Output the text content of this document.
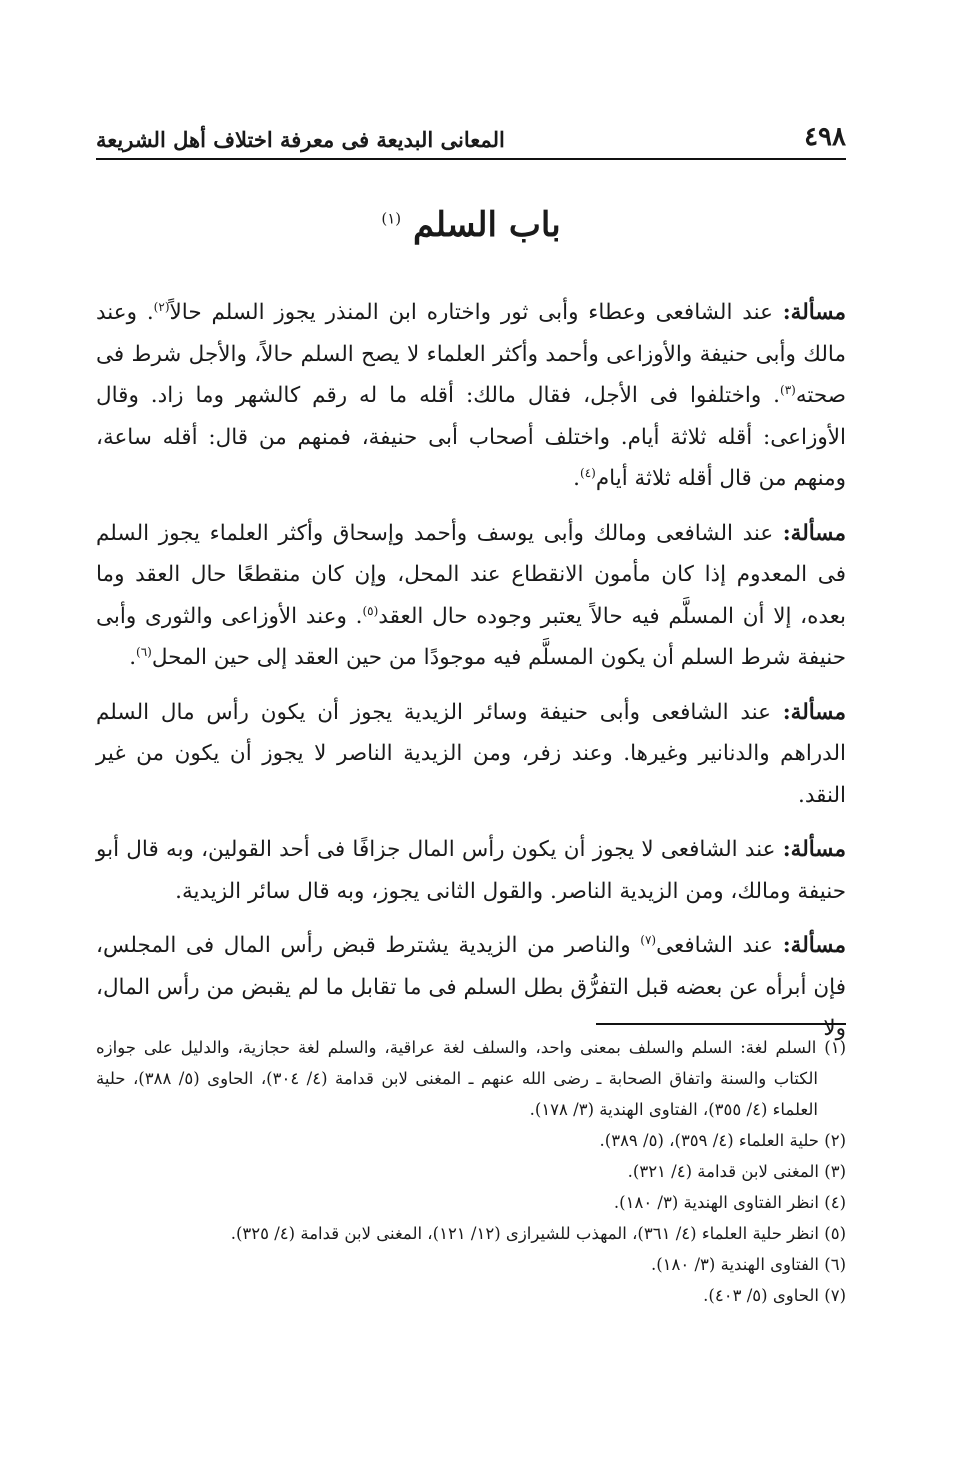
٤٩٨
المعانى البديعة فى معرفة اختلاف أهل الشريعة
باب السلم $^{(١)}$

مسألة: عند الشافعى وعطاء وأبى ثور واختاره ابن المنذر يجوز السلم حالاً$^{(٢)}$. وعند مالك وأبى حنيفة والأوزاعى وأحمد وأكثر العلماء لا يصح السلم حالاً، والأجل شرط فى صحته$^{(٣)}$. واختلفوا فى الأجل، فقال مالك: أقله ما له رقم كالشهر وما زاد. وقال الأوزاعى: أقله ثلاثة أيام. واختلف أصحاب أبى حنيفة، فمنهم من قال: أقله ساعة، ومنهم من قال أقله ثلاثة أيام$^{(٤)}$.

مسألة: عند الشافعى ومالك وأبى يوسف وأحمد وإسحاق وأكثر العلماء يجوز السلم فى المعدوم إذا كان مأمون الانقطاع عند المحل، وإن كان منقطعًا حال العقد وما بعده، إلا أن المسلَّم فيه حالاً يعتبر وجوده حال العقد$^{(٥)}$. وعند الأوزاعى والثورى وأبى حنيفة شرط السلم أن يكون المسلَّم فيه موجودًا من حين العقد إلى حين المحل$^{(٦)}$.

مسألة: عند الشافعى وأبى حنيفة وسائر الزيدية يجوز أن يكون رأس مال السلم الدراهم والدنانير وغيرها. وعند زفر، ومن الزيدية الناصر لا يجوز أن يكون من غير النقد.

مسألة: عند الشافعى لا يجوز أن يكون رأس المال جزافًا فى أحد القولين، وبه قال أبو حنيفة ومالك، ومن الزيدية الناصر. والقول الثانى يجوز، وبه قال سائر الزيدية.

مسألة: عند الشافعى$^{(٧)}$ والناصر من الزيدية يشترط قبض رأس المال فى المجلس، فإن أبرأه عن بعضه قبل التفرُّق بطل السلم فى ما تقابل ما لم يقبض من رأس المال، ولا

(١) السلم لغة: السلم والسلف بمعنى واحد، والسلف لغة عراقية، والسلم لغة حجازية، والدليل على جوازه الكتاب والسنة واتفاق الصحابة ـ رضى الله عنهم ـ المغنى لابن قدامة (٤/ ٣٠٤)، الحاوى (٥/ ٣٨٨)، حلية العلماء (٤/ ٣٥٥)، الفتاوى الهندية (٣/ ١٧٨).

(٢) حلية العلماء (٤/ ٣٥٩)، (٥/ ٣٨٩).

(٣) المغنى لابن قدامة (٤/ ٣٢١).

(٤) انظر الفتاوى الهندية (٣/ ١٨٠).

(٥) انظر حلية العلماء (٤/ ٣٦١)، المهذب للشيرازى (١٢/ ١٢١)، المغنى لابن قدامة (٤/ ٣٢٥).

(٦) الفتاوى الهندية (٣/ ١٨٠).

(٧) الحاوى (٥/ ٤٠٣).
